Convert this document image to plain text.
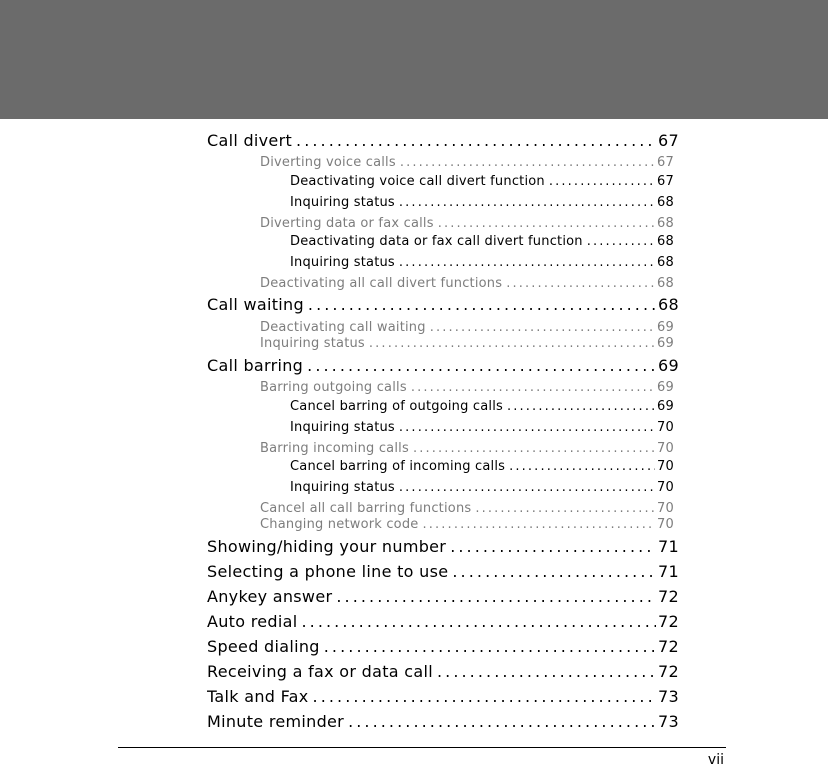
Call divert . . .	67
Diverting voice calls . . .	67
Deactivating voice call divert function . . .	67
Inquiring status . . .	68
Diverting data or fax calls . . .	68
Deactivating data or fax call divert function . . .	68
Inquiring status . . .	68
Deactivating all call divert functions . . .	68
Call waiting . . .	68
Deactivating call waiting . . .	69
Inquiring status . . .	69
Call barring . . .	69
Barring outgoing calls . . .	69
Cancel barring of outgoing calls . . .	69
Inquiring status . . .	70
Barring incoming calls . . .	70
Cancel barring of incoming calls . . .	70
Inquiring status . . .	70
Cancel all call barring functions . . .	70
Changing network code . . .	70
Showing/hiding your number . . .	71
Selecting a phone line to use . . .	71
Anykey answer . . .	72
Auto redial . . .	72
Speed dialing . . .	72
Receiving a fax or data call . . .	72
Talk and Fax . . .	73
Minute reminder . . .	73
vii
